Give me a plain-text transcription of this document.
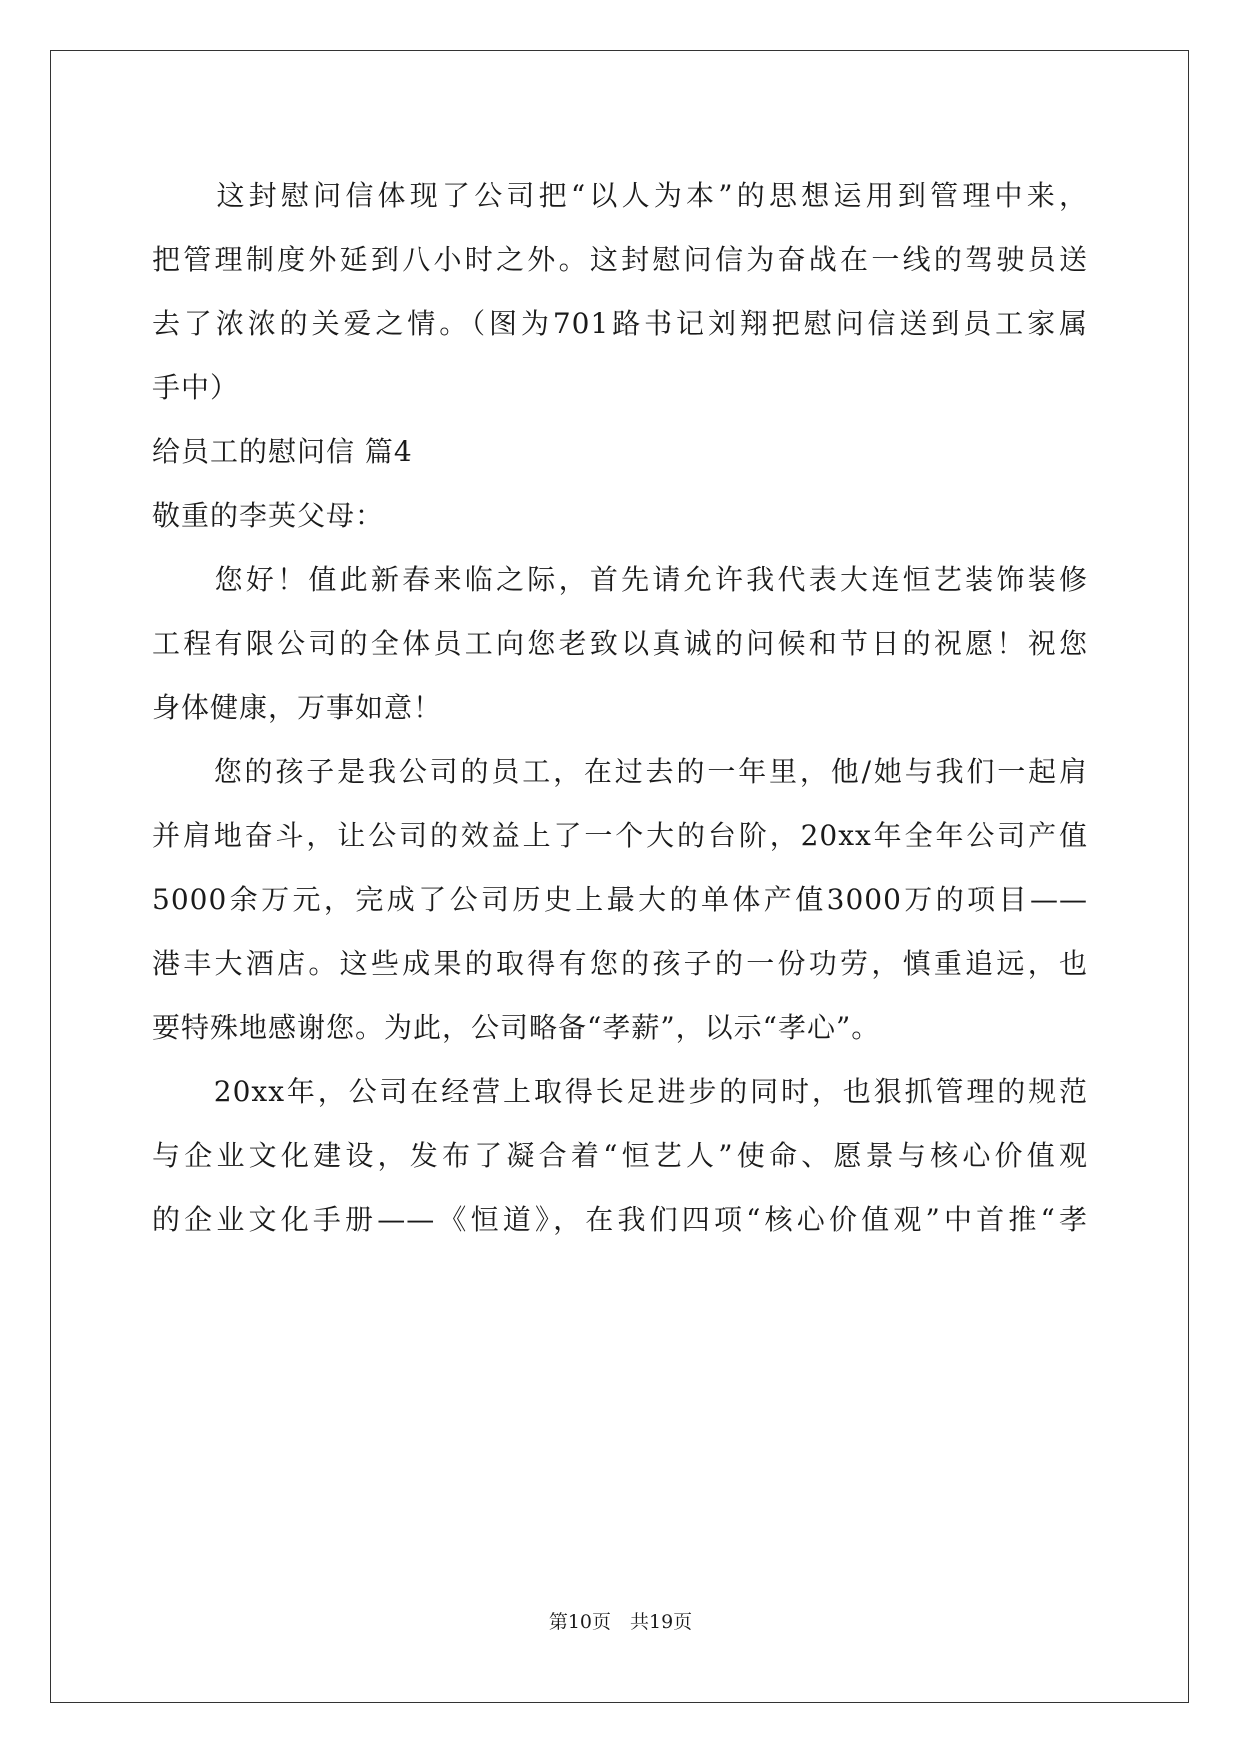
　　这封慰问信体现了公司把“以人为本”的思想运用到管理中来，
把管理制度外延到八小时之外。这封慰问信为奋战在一线的驾驶员送
去了浓浓的关爱之情。（图为701路书记刘翔把慰问信送到员工家属
手中）
给员工的慰问信 篇4
敬重的李英父母：
　　您好！值此新春来临之际，首先请允许我代表大连恒艺装饰装修
工程有限公司的全体员工向您老致以真诚的问候和节日的祝愿！祝您
身体健康，万事如意！
　　您的孩子是我公司的员工，在过去的一年里，他/她与我们一起肩
并肩地奋斗，让公司的效益上了一个大的台阶，20xx年全年公司产值
5000余万元，完成了公司历史上最大的单体产值3000万的项目——
港丰大酒店。这些成果的取得有您的孩子的一份功劳，慎重追远，也
要特殊地感谢您。为此，公司略备“孝薪”，以示“孝心”。
　　20xx年，公司在经营上取得长足进步的同时，也狠抓管理的规范
与企业文化建设，发布了凝合着“恒艺人”使命、愿景与核心价值观
的企业文化手册——《恒道》，在我们四项“核心价值观”中首推“孝
第10页　共19页
